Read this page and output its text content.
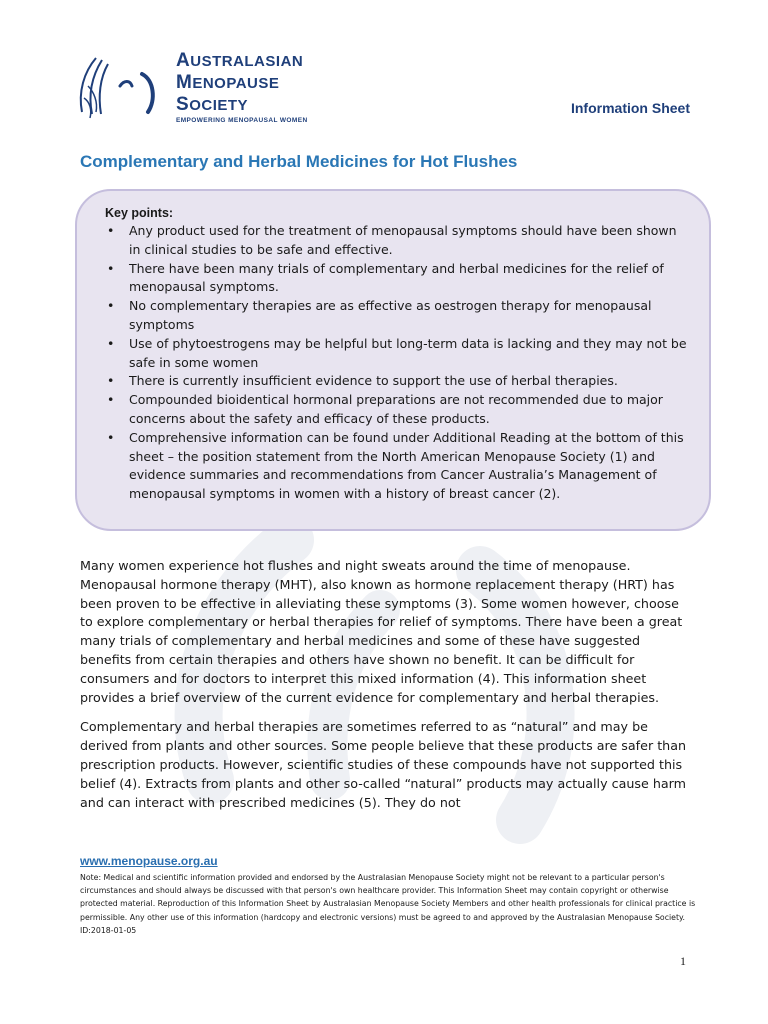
AUSTRALASIAN
MENOPAUSE
SOCIETY
EMPOWERING MENOPAUSAL WOMEN
Information Sheet
Complementary and Herbal Medicines for Hot Flushes
Key points:
• Any product used for the treatment of menopausal symptoms should have been shown in clinical studies to be safe and effective.
• There have been many trials of complementary and herbal medicines for the relief of menopausal symptoms.
• No complementary therapies are as effective as oestrogen therapy for menopausal symptoms
• Use of phytoestrogens may be helpful but long-term data is lacking and they may not be safe in some women
• There is currently insufficient evidence to support the use of herbal therapies.
• Compounded bioidentical hormonal preparations are not recommended due to major concerns about the safety and efficacy of these products.
• Comprehensive information can be found under Additional Reading at the bottom of this sheet – the position statement from the North American Menopause Society (1) and evidence summaries and recommendations from Cancer Australia’s Management of menopausal symptoms in women with a history of breast cancer (2).

Many women experience hot flushes and night sweats around the time of menopause. Menopausal hormone therapy (MHT), also known as hormone replacement therapy (HRT) has been proven to be effective in alleviating these symptoms (3). Some women however, choose to explore complementary or herbal therapies for relief of symptoms. There have been a great many trials of complementary and herbal medicines and some of these have suggested benefits from certain therapies and others have shown no benefit. It can be difficult for consumers and for doctors to interpret this mixed information (4). This information sheet provides a brief overview of the current evidence for complementary and herbal therapies.

Complementary and herbal therapies are sometimes referred to as “natural” and may be derived from plants and other sources. Some people believe that these products are safer than prescription products. However, scientific studies of these compounds have not supported this belief (4). Extracts from plants and other so-called “natural” products may actually cause harm and can interact with prescribed medicines (5). They do not

www.menopause.org.au
Note: Medical and scientific information provided and endorsed by the Australasian Menopause Society might not be relevant to a particular person's circumstances and should always be discussed with that person's own healthcare provider. This Information Sheet may contain copyright or otherwise protected material. Reproduction of this Information Sheet by Australasian Menopause Society Members and other health professionals for clinical practice is permissible. Any other use of this information (hardcopy and electronic versions) must be agreed to and approved by the Australasian Menopause Society. ID:2018-01-05
1
